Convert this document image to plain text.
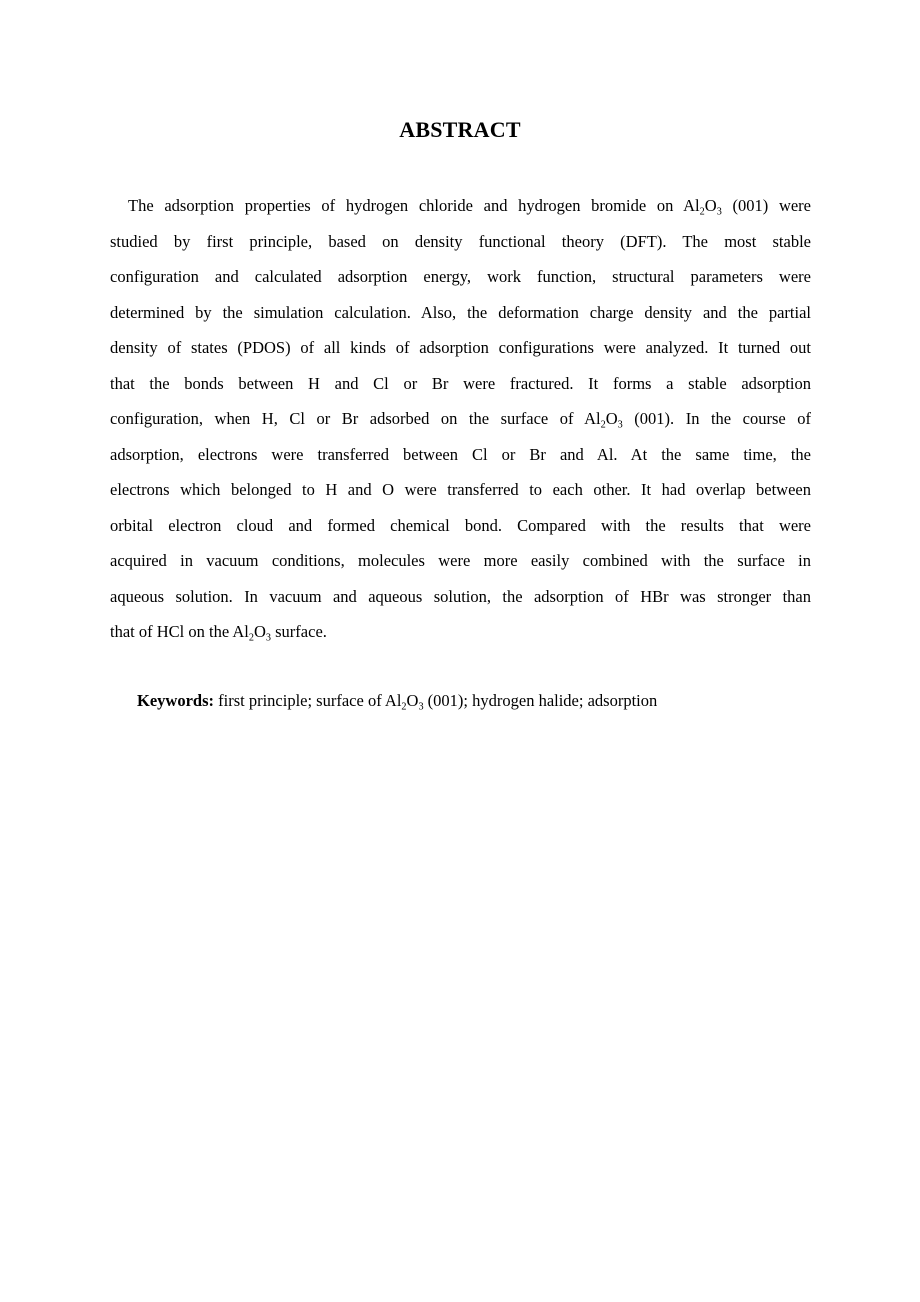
ABSTRACT
The adsorption properties of hydrogen chloride and hydrogen bromide on $Al_2O_3$ (001) were
studied by first principle, based on density functional theory (DFT). The most stable
configuration and calculated adsorption energy, work function, structural parameters were
determined by the simulation calculation. Also, the deformation charge density and the partial
density of states (PDOS) of all kinds of adsorption configurations were analyzed. It turned out
that the bonds between H and Cl or Br were fractured. It forms a stable adsorption
configuration, when H, Cl or Br adsorbed on the surface of $Al_2O_3$ (001). In the course of
adsorption, electrons were transferred between Cl or Br and Al. At the same time, the
electrons which belonged to H and O were transferred to each other. It had overlap between
orbital electron cloud and formed chemical bond. Compared with the results that were
acquired in vacuum conditions, molecules were more easily combined with the surface in
aqueous solution. In vacuum and aqueous solution, the adsorption of HBr was stronger than
that of HCl on the $Al_2O_3$ surface.
Keywords: first principle; surface of $Al_2O_3$ (001); hydrogen halide; adsorption
